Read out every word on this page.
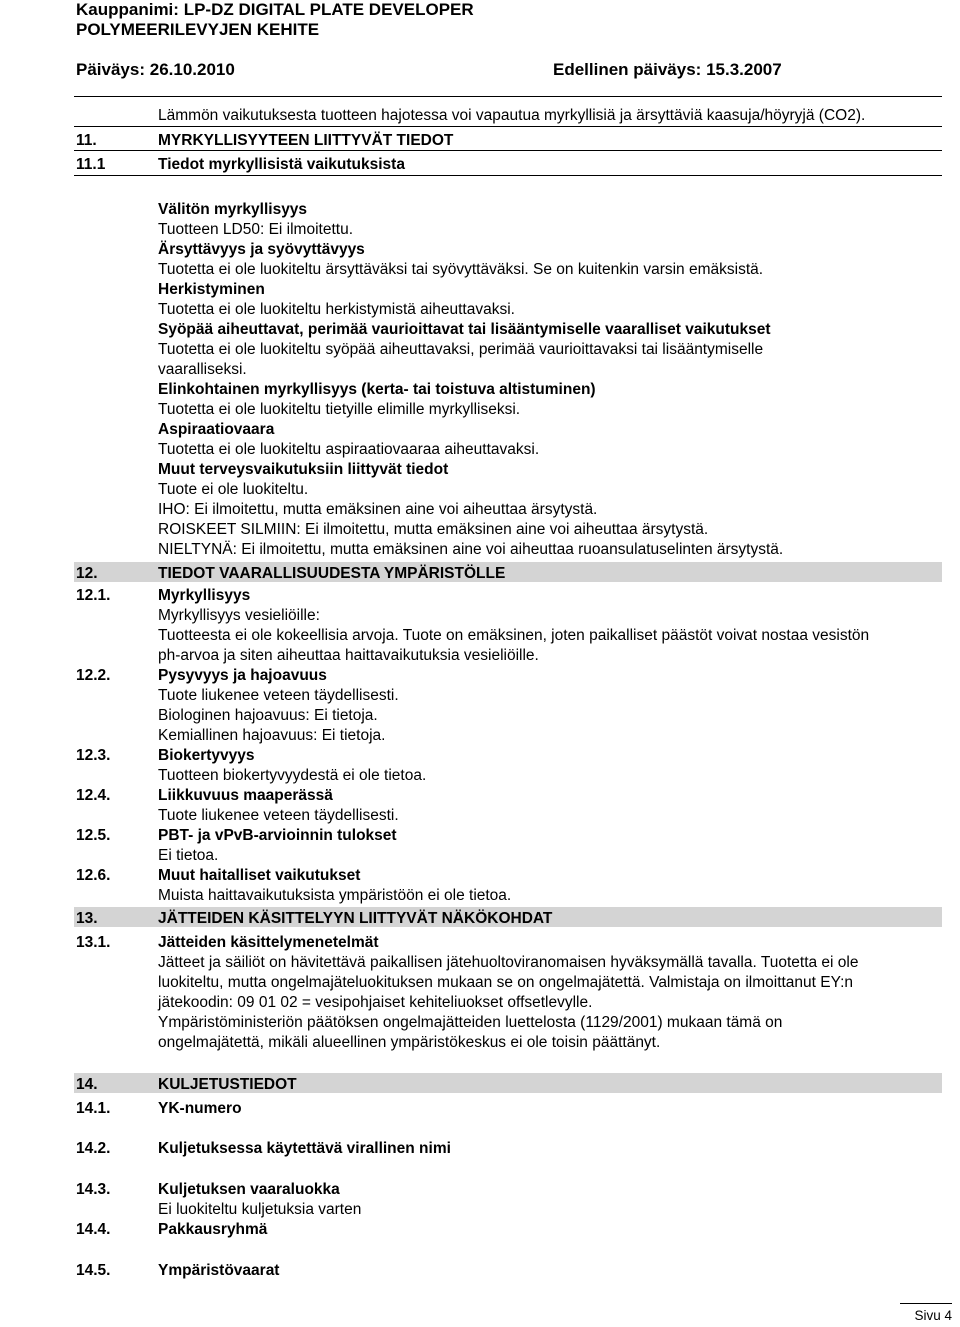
Kauppanimi: LP-DZ DIGITAL PLATE DEVELOPER
POLYMEERILEVYJEN KEHITE
Päiväys: 26.10.2010	Edellinen päiväys: 15.3.2007
Lämmön vaikutuksesta tuotteen hajotessa voi vapautua myrkyllisiä ja ärsyttäviä kaasuja/höyryjä (CO2).
11.	MYRKYLLISYYTEEN LIITTYVÄT TIEDOT
11.1	Tiedot myrkyllisistä vaikutuksista
Välitön myrkyllisyys
Tuotteen LD50: Ei ilmoitettu.
Ärsyttävyys ja syövyttävyys
Tuotetta ei ole luokiteltu ärsyttäväksi tai syövyttäväksi. Se on kuitenkin varsin emäksistä.
Herkistyminen
Tuotetta ei ole luokiteltu herkistymistä aiheuttavaksi.
Syöpää aiheuttavat, perimää vaurioittavat tai lisääntymiselle vaaralliset vaikutukset
Tuotetta ei ole luokiteltu syöpää aiheuttavaksi, perimää vaurioittavaksi tai lisääntymiselle
vaaralliseksi.
Elinkohtainen myrkyllisyys (kerta- tai toistuva altistuminen)
Tuotetta ei ole luokiteltu tietyille elimille myrkylliseksi.
Aspiraatiovaara
Tuotetta ei ole luokiteltu aspiraatiovaaraa aiheuttavaksi.
Muut terveysvaikutuksiin liittyvät tiedot
Tuote ei ole luokiteltu.
IHO: Ei ilmoitettu, mutta emäksinen aine voi aiheuttaa ärsytystä.
ROISKEET SILMIIN: Ei ilmoitettu, mutta emäksinen aine voi aiheuttaa ärsytystä.
NIELTYNÄ: Ei ilmoitettu, mutta emäksinen aine voi aiheuttaa ruoansulatuselinten ärsytystä.
12.	TIEDOT VAARALLISUUDESTA YMPÄRISTÖLLE
12.1.	Myrkyllisyys
Myrkyllisyys vesieliöille:
Tuotteesta ei ole kokeellisia arvoja. Tuote on emäksinen, joten paikalliset päästöt voivat nostaa vesistön
ph-arvoa ja siten aiheuttaa haittavaikutuksia vesieliöille.
12.2.	Pysyvyys ja hajoavuus
Tuote liukenee veteen täydellisesti.
Biologinen hajoavuus: Ei tietoja.
Kemiallinen hajoavuus: Ei tietoja.
12.3.	Biokertyvyys
Tuotteen biokertyvyydestä ei ole tietoa.
12.4.	Liikkuvuus maaperässä
Tuote liukenee veteen täydellisesti.
12.5.	PBT- ja vPvB-arvioinnin tulokset
Ei tietoa.
12.6.	Muut haitalliset vaikutukset
Muista haittavaikutuksista ympäristöön ei ole tietoa.
13.	JÄTTEIDEN KÄSITTELYYN LIITTYVÄT NÄKÖKOHDAT
13.1.	Jätteiden käsittelymenetelmät
Jätteet ja säiliöt on hävitettävä paikallisen jätehuoltoviranomaisen hyväksymällä tavalla. Tuotetta ei ole
luokiteltu, mutta ongelmajäteluokituksen mukaan se on ongelmajätettä. Valmistaja on ilmoittanut EY:n
jätekoodin: 09 01 02 = vesipohjaiset kehiteliuokset offsetlevylle.
Ympäristöministeriön päätöksen ongelmajätteiden luettelosta (1129/2001) mukaan tämä on
ongelmajätettä, mikäli alueellinen ympäristökeskus ei ole toisin päättänyt.
14.	KULJETUSTIEDOT
14.1.	YK-numero
14.2.	Kuljetuksessa käytettävä virallinen nimi
14.3.	Kuljetuksen vaaraluokka
Ei luokiteltu kuljetuksia varten
14.4.	Pakkausryhmä
14.5.	Ympäristövaarat
Sivu 4
